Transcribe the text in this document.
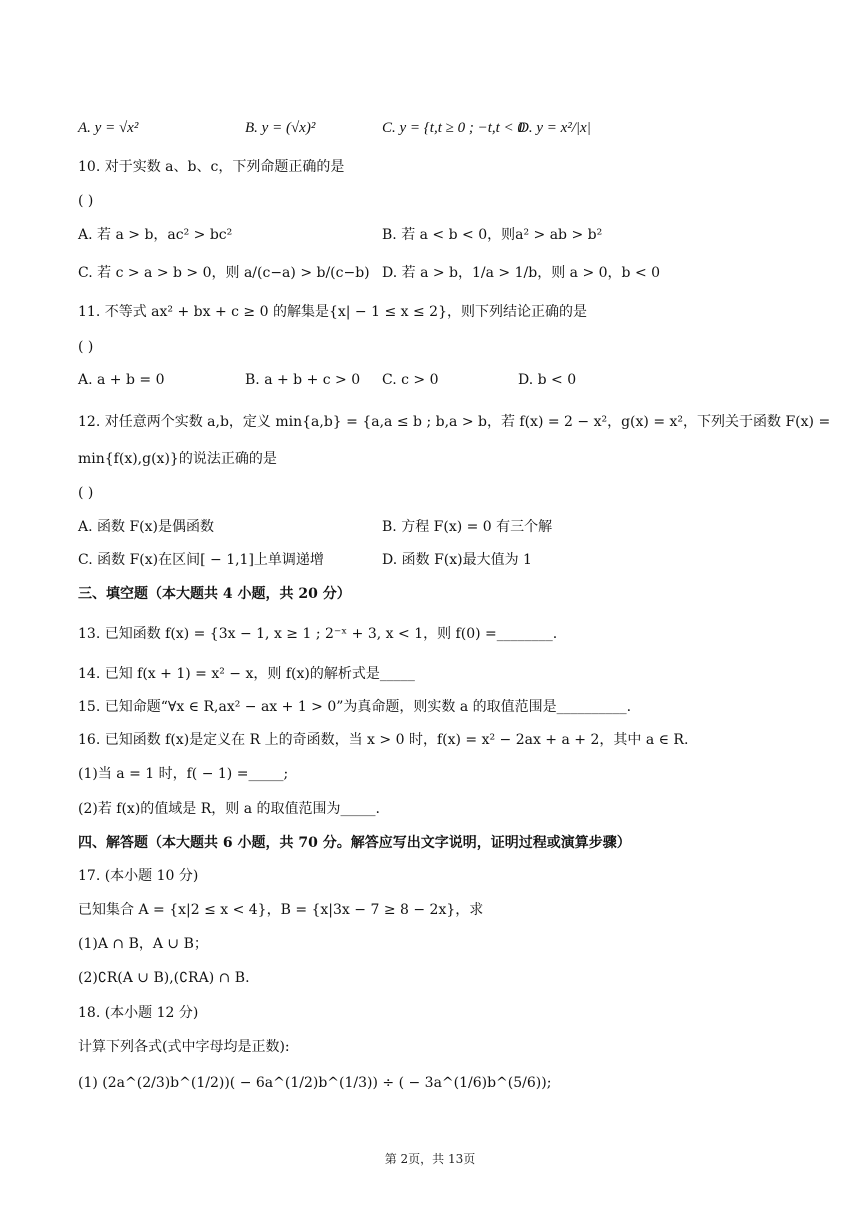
A. y = √x²	B. y = (√x)²	C. y = {t,t ≥ 0 ; −t,t < 0
D. y = x²/|x|
10. 对于实数 a、b、c，下列命题正确的是
( )
A. 若 a > b，ac² > bc²	B. 若 a < b < 0，则a² > ab > b²
C. 若 c > a > b > 0，则 a/(c−a) > b/(c−b) D. 若 a > b，1/a > 1/b，则 a > 0，b < 0
11. 不等式 ax² + bx + c ≥ 0 的解集是{x| − 1 ≤ x ≤ 2}，则下列结论正确的是
( )
A. a + b = 0	B. a + b + c > 0 C. c > 0	D. b < 0
12. 对任意两个实数 a,b，定义 min{a,b} = {a,a ≤ b ; b,a > b，若 f(x) = 2 − x²，g(x) = x²，下列关于函数 F(x) =
min{f(x),g(x)}的说法正确的是
( )
A. 函数 F(x)是偶函数	B. 方程 F(x) = 0 有三个解
C. 函数 F(x)在区间[ − 1,1]上单调递增	D. 函数 F(x)最大值为 1
三、填空题（本大题共 4 小题，共 20 分）
13. 已知函数 f(x) = {3x − 1, x ≥ 1 ; 2⁻ˣ + 3, x < 1，则 f(0) =________.
14. 已知 f(x + 1) = x² − x，则 f(x)的解析式是_____
15. 已知命题“∀x ∈ R,ax² − ax + 1 > 0”为真命题，则实数 a 的取值范围是__________.
16. 已知函数 f(x)是定义在 R 上的奇函数，当 x > 0 时，f(x) = x² − 2ax + a + 2，其中 a ∈ R.
(1)当 a = 1 时，f( − 1) =_____;
(2)若 f(x)的值域是 R，则 a 的取值范围为_____.
四、解答题（本大题共 6 小题，共 70 分。解答应写出文字说明，证明过程或演算步骤）
17. (本小题 10 分)
已知集合 A = {x|2 ≤ x < 4}，B = {x|3x − 7 ≥ 8 − 2x}，求
(1)A ∩ B，A ∪ B；
(2)∁R(A ∪ B),(∁RA) ∩ B.
18. (本小题 12 分)
计算下列各式(式中字母均是正数):
(1) (2a^(2/3)b^(1/2))( − 6a^(1/2)b^(1/3)) ÷ ( − 3a^(1/6)b^(5/6));
第 2页，共 13页
